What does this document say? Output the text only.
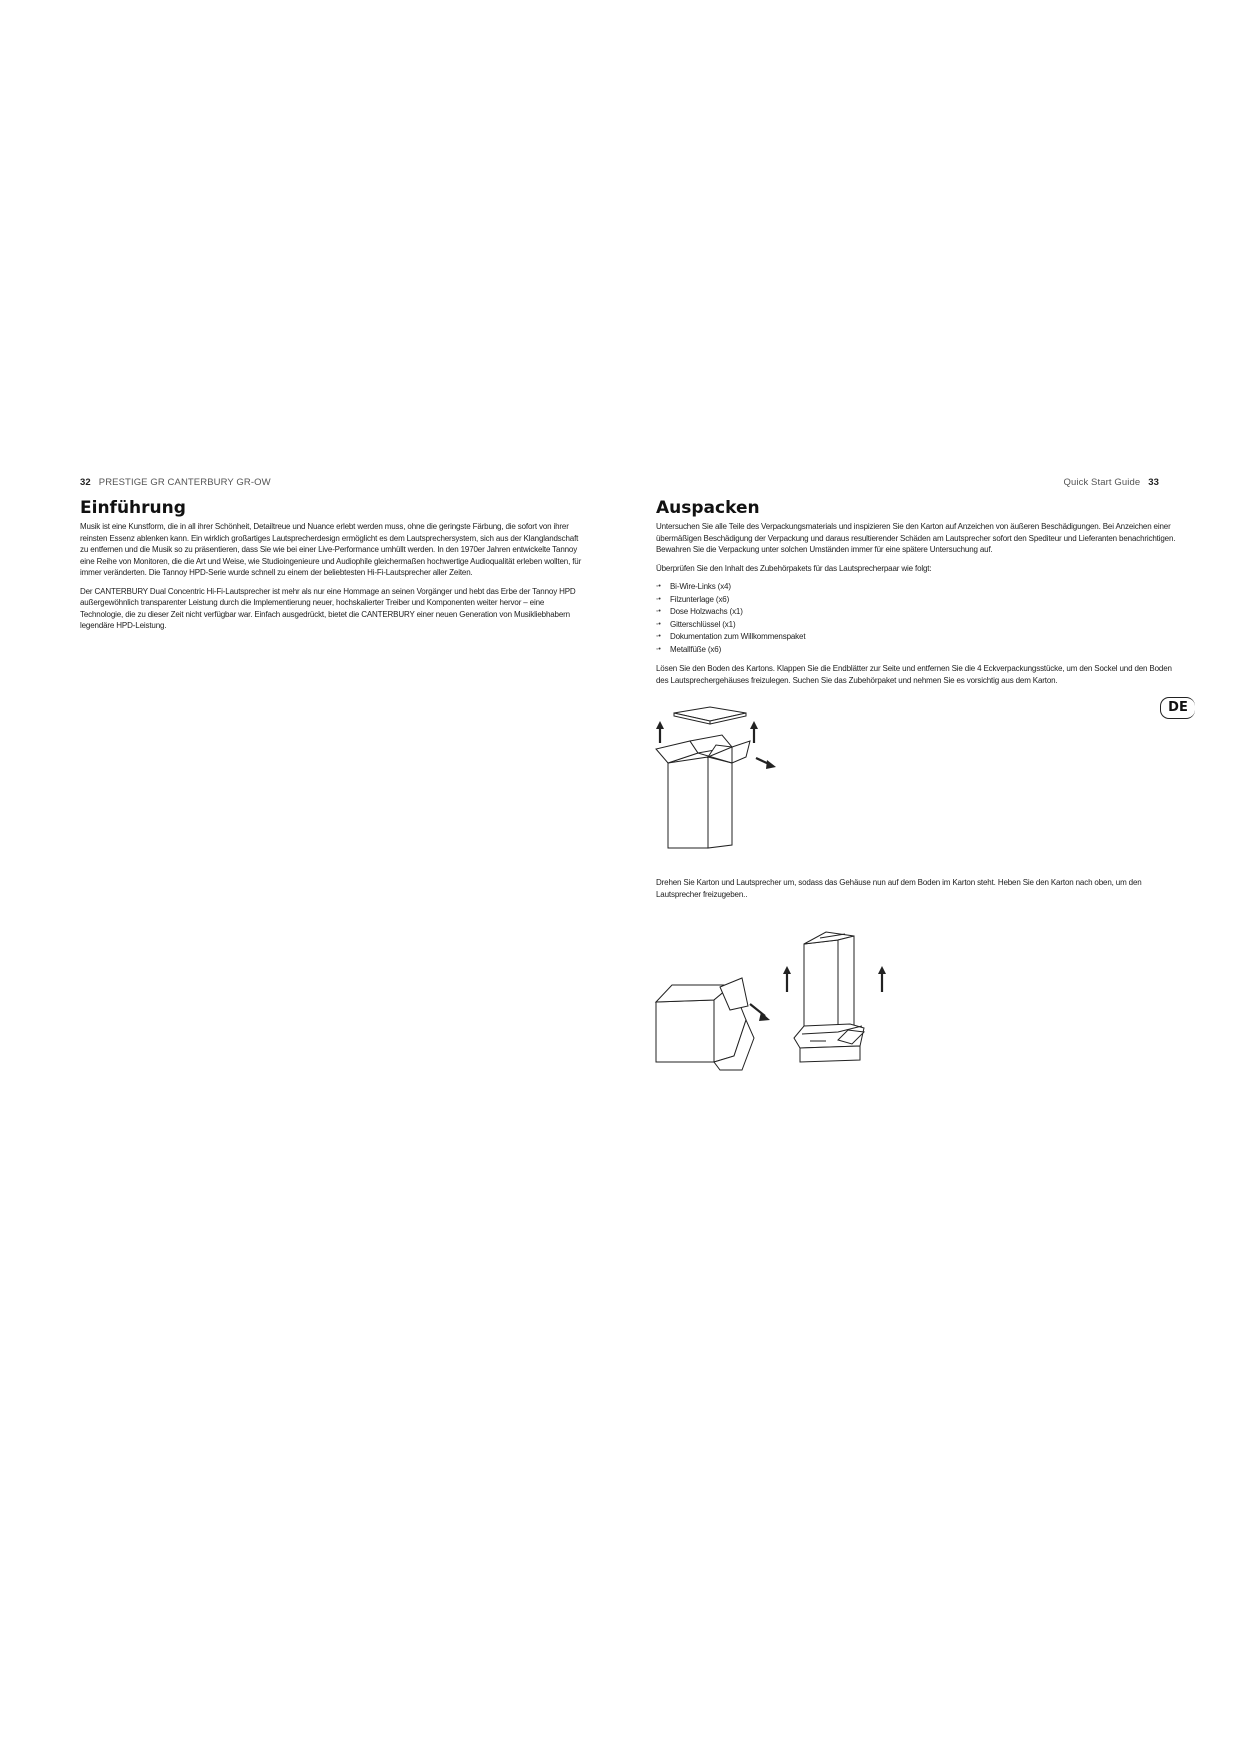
32 PRESTIGE GR CANTERBURY GR-OW
Einführung

Musik ist eine Kunstform, die in all ihrer Schönheit, Detailtreue und Nuance erlebt werden muss, ohne die geringste Färbung, die sofort von ihrer reinsten Essenz ablenken kann. Ein wirklich großartiges Lautsprecherdesign ermöglicht es dem Lautsprechersystem, sich aus der Klanglandschaft zu entfernen und die Musik so zu präsentieren, dass Sie wie bei einer Live-Performance umhüllt werden. In den 1970er Jahren entwickelte Tannoy eine Reihe von Monitoren, die die Art und Weise, wie Studioingenieure und Audiophile gleichermaßen hochwertige Audioqualität erleben wollten, für immer veränderten. Die Tannoy HPD-Serie wurde schnell zu einem der beliebtesten Hi-Fi-Lautsprecher aller Zeiten.

Der CANTERBURY Dual Concentric Hi-Fi-Lautsprecher ist mehr als nur eine Hommage an seinen Vorgänger und hebt das Erbe der Tannoy HPD außergewöhnlich transparenter Leistung durch die Implementierung neuer, hochskalierter Treiber und Komponenten weiter hervor – eine Technologie, die zu dieser Zeit nicht verfügbar war. Einfach ausgedrückt, bietet die CANTERBURY einer neuen Generation von Musikliebhabern legendäre HPD-Leistung.

Quick Start Guide 33
Auspacken

Untersuchen Sie alle Teile des Verpackungsmaterials und inspizieren Sie den Karton auf Anzeichen von äußeren Beschädigungen. Bei Anzeichen einer übermäßigen Beschädigung der Verpackung und daraus resultierender Schäden am Lautsprecher sofort den Spediteur und Lieferanten benachrichtigen. Bewahren Sie die Verpackung unter solchen Umständen immer für eine spätere Untersuchung auf.

Überprüfen Sie den Inhalt des Zubehörpakets für das Lautsprecherpaar wie folgt:

◦• Bi-Wire-Links (x4)
◦• Filzunterlage (x6)
◦• Dose Holzwachs (x1)
◦• Gitterschlüssel (x1)
◦• Dokumentation zum Willkommenspaket
◦• Metallfüße (x6)

Lösen Sie den Boden des Kartons. Klappen Sie die Endblätter zur Seite und entfernen Sie die 4 Eckverpackungsstücke, um den Sockel und den Boden des Lautsprechergehäuses freizulegen. Suchen Sie das Zubehörpaket und nehmen Sie es vorsichtig aus dem Karton.

Drehen Sie Karton und Lautsprecher um, sodass das Gehäuse nun auf dem Boden im Karton steht. Heben Sie den Karton nach oben, um den Lautsprecher freizugeben..

DE
